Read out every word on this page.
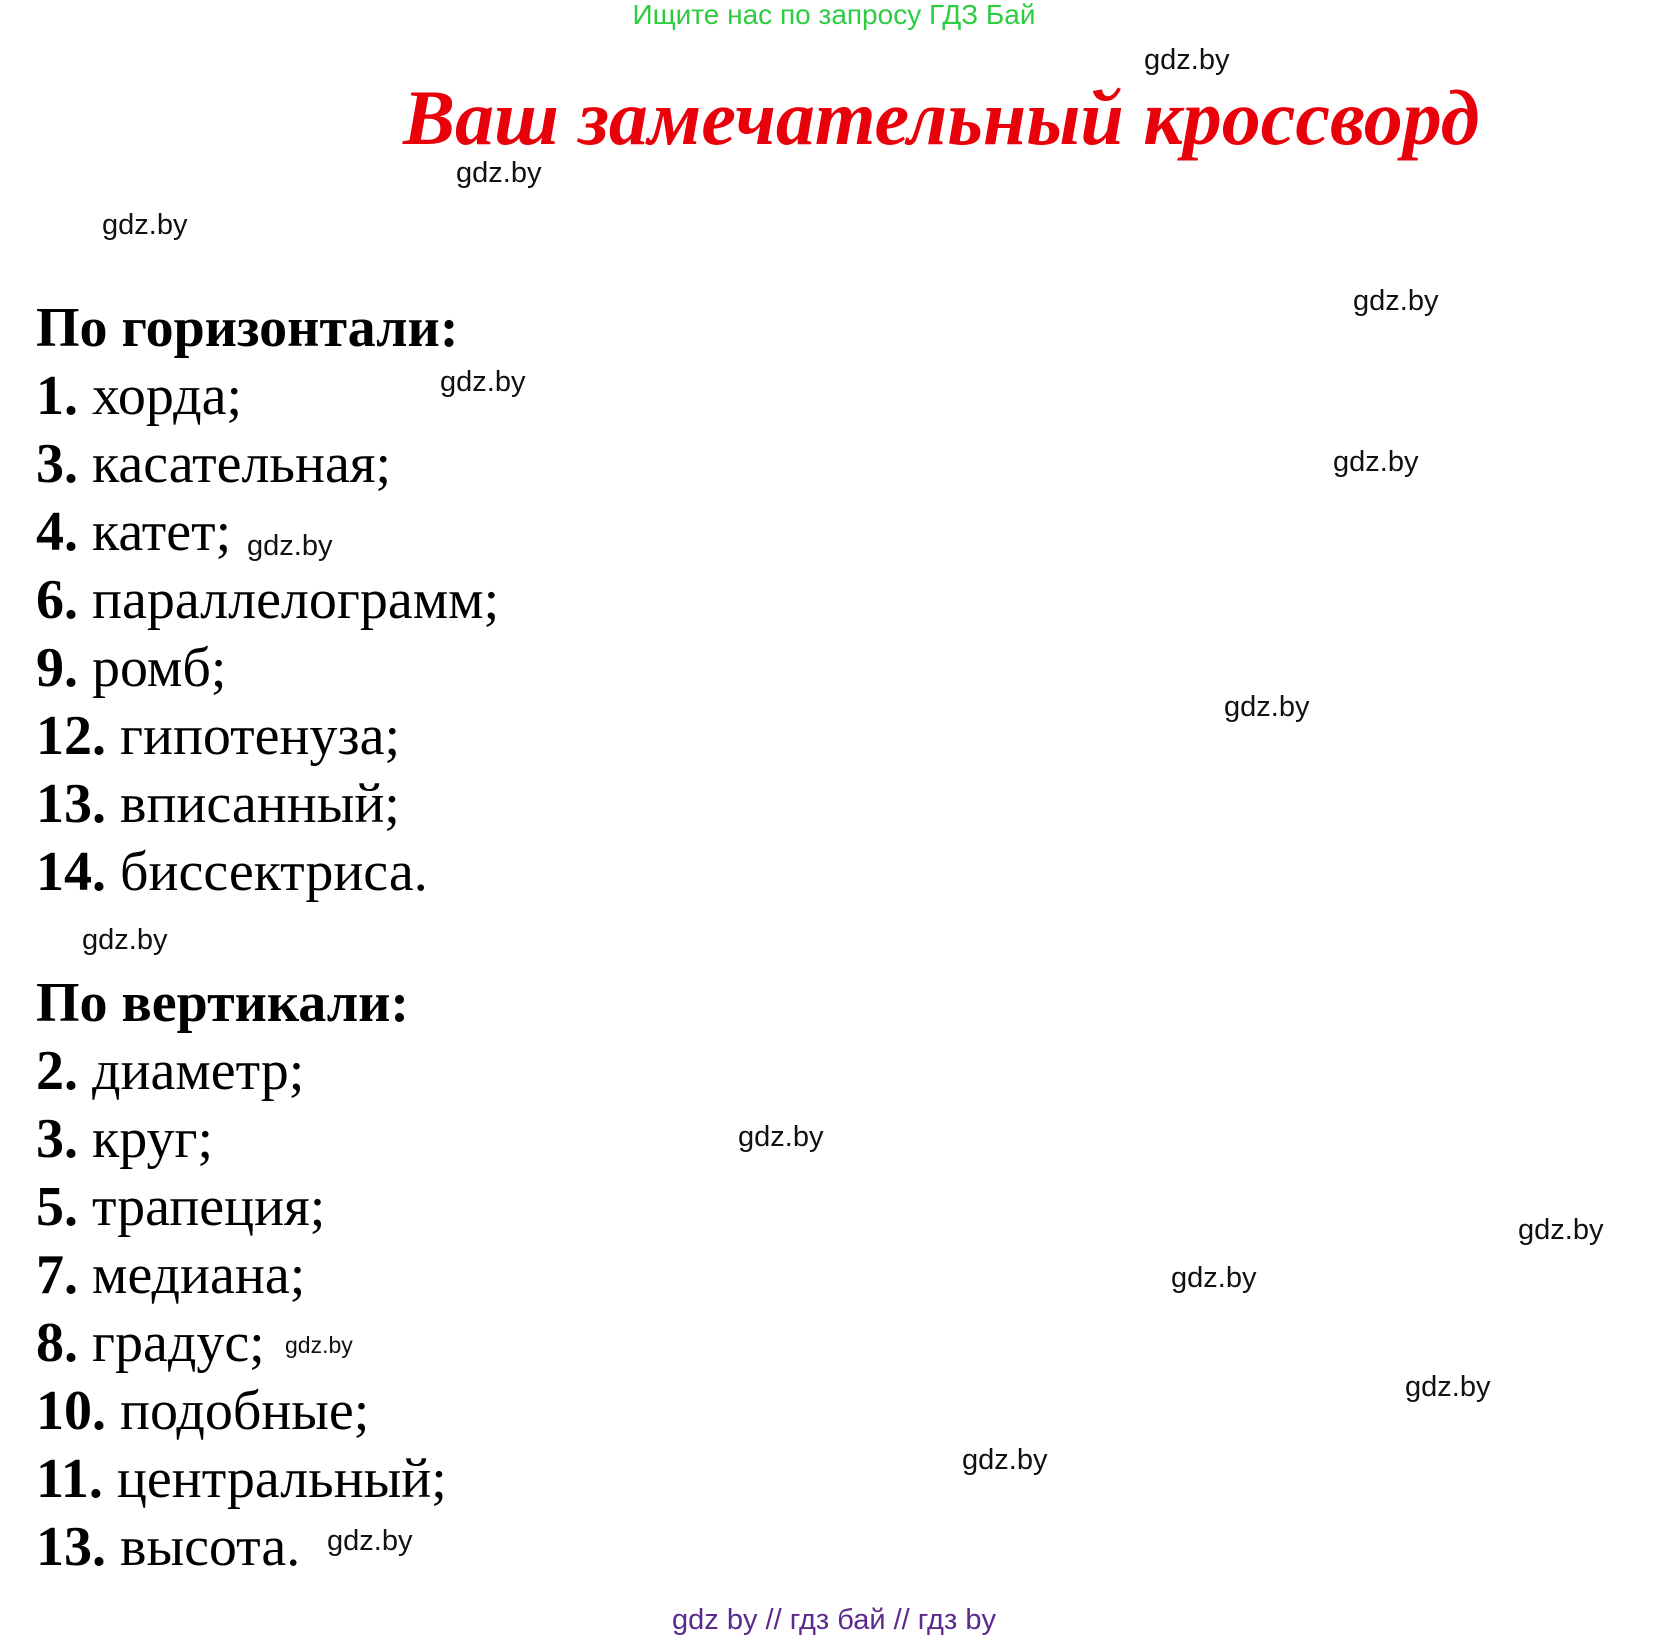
Ищите нас по запросу ГДЗ Бай
Ваш замечательный кроссворд
По горизонтали:
1. хорда;
3. касательная;
4. катет;
6. параллелограмм;
9. ромб;
12. гипотенуза;
13. вписанный;
14. биссектриса.
По вертикали:
2. диаметр;
3. круг;
5. трапеция;
7. медиана;
8. градус;
10. подобные;
11. центральный;
13. высота.
gdz.by
gdz.by
gdz.by
gdz.by
gdz.by
gdz.by
gdz.by
gdz.by
gdz.by
gdz.by
gdz.by
gdz.by
gdz.by
gdz.by
gdz.by
gdz.by
gdz by // гдз бай // гдз by
